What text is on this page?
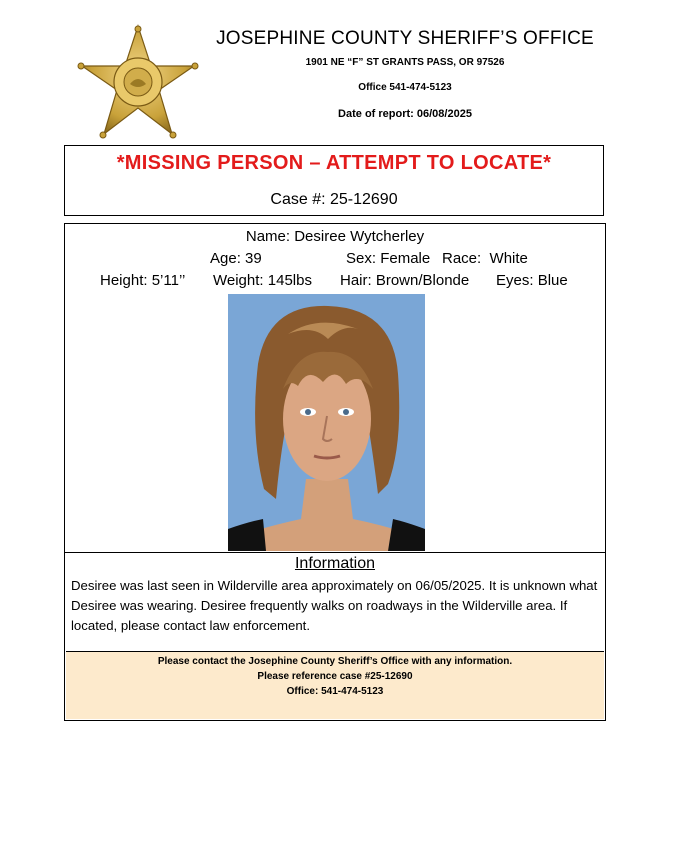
JOSEPHINE COUNTY SHERIFF’S OFFICE
1901 NE “F” ST GRANTS PASS, OR 97526
Office 541-474-5123
Date of report: 06/08/2025
*MISSING PERSON – ATTEMPT TO LOCATE*
Case #: 25-12690
Name: Desiree Wytcherley
Age: 39	Sex: Female Race: White
Height: 5’11’’ Weight: 145lbs Hair: Brown/Blonde Eyes: Blue
Information
Desiree was last seen in Wilderville area approximately on 06/05/2025. It is unknown what Desiree was wearing. Desiree frequently walks on roadways in the Wilderville area. If located, please contact law enforcement.
Please contact the Josephine County Sheriff’s Office with any information.
Please reference case #25-12690
Office: 541-474-5123
